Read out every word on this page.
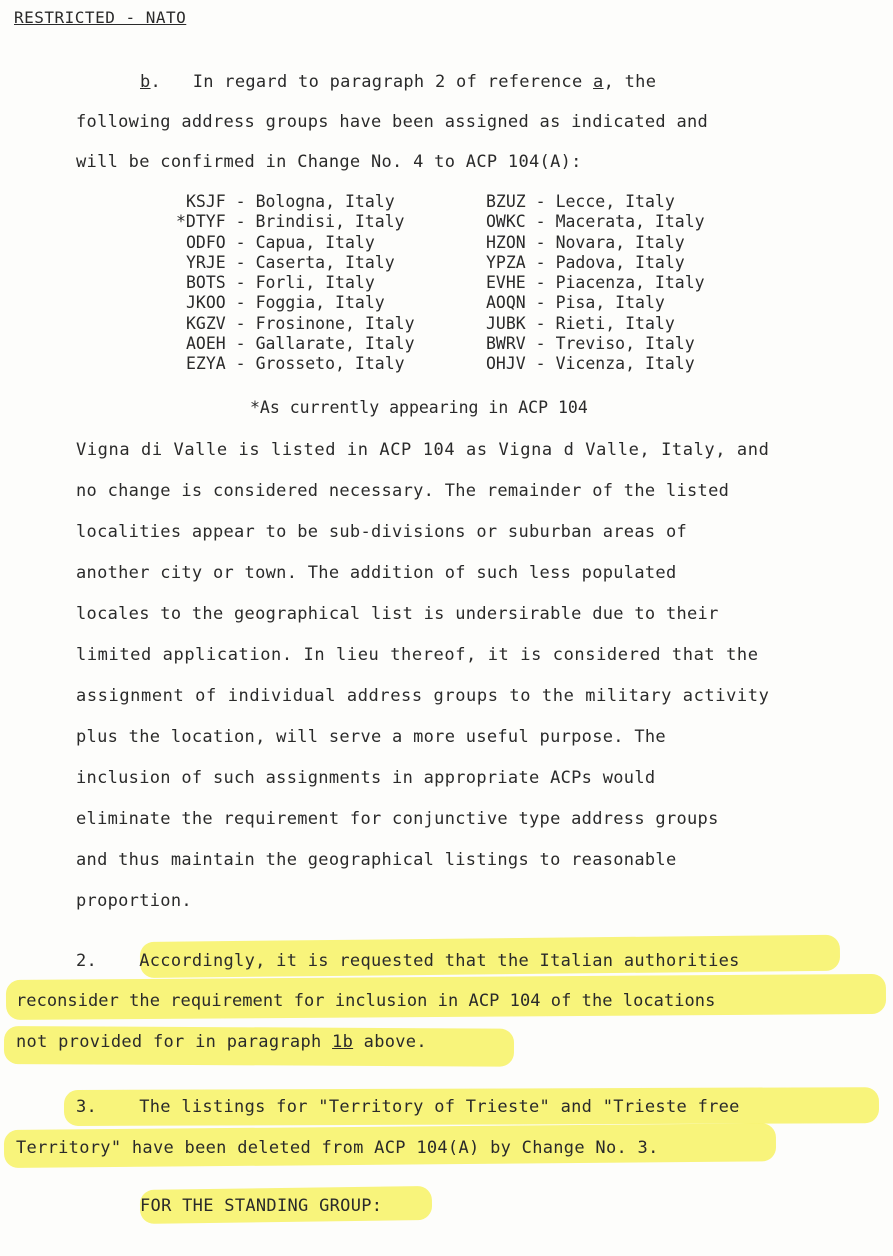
RESTRICTED - NATO
b.   In regard to paragraph 2 of reference a, the
following address groups have been assigned as indicated and
will be confirmed in Change No. 4 to ACP 104(A):
KSJF - Bologna, Italy	BZUZ - Lecce, Italy
*DTYF - Brindisi, Italy	OWKC - Macerata, Italy
ODFO - Capua, Italy	HZON - Novara, Italy
YRJE - Caserta, Italy	YPZA - Padova, Italy
BOTS - Forli, Italy	EVHE - Piacenza, Italy
JKOO - Foggia, Italy	AOQN - Pisa, Italy
KGZV - Frosinone, Italy	JUBK - Rieti, Italy
AOEH - Gallarate, Italy	BWRV - Treviso, Italy
EZYA - Grosseto, Italy	OHJV - Vicenza, Italy
*As currently appearing in ACP 104
Vigna di Valle is listed in ACP 104 as Vigna d Valle, Italy, and
no change is considered necessary. The remainder of the listed
localities appear to be sub-divisions or suburban areas of
another city or town. The addition of such less populated
locales to the geographical list is undersirable due to their
limited application. In lieu thereof, it is considered that the
assignment of individual address groups to the military activity
plus the location, will serve a more useful purpose. The
inclusion of such assignments in appropriate ACPs would
eliminate the requirement for conjunctive type address groups
and thus maintain the geographical listings to reasonable
proportion.
2. Accordingly, it is requested that the Italian authorities
reconsider the requirement for inclusion in ACP 104 of the locations
not provided for in paragraph 1b above.
3. The listings for "Territory of Trieste" and "Trieste free
Territory" have been deleted from ACP 104(A) by Change No. 3.
FOR THE STANDING GROUP:
